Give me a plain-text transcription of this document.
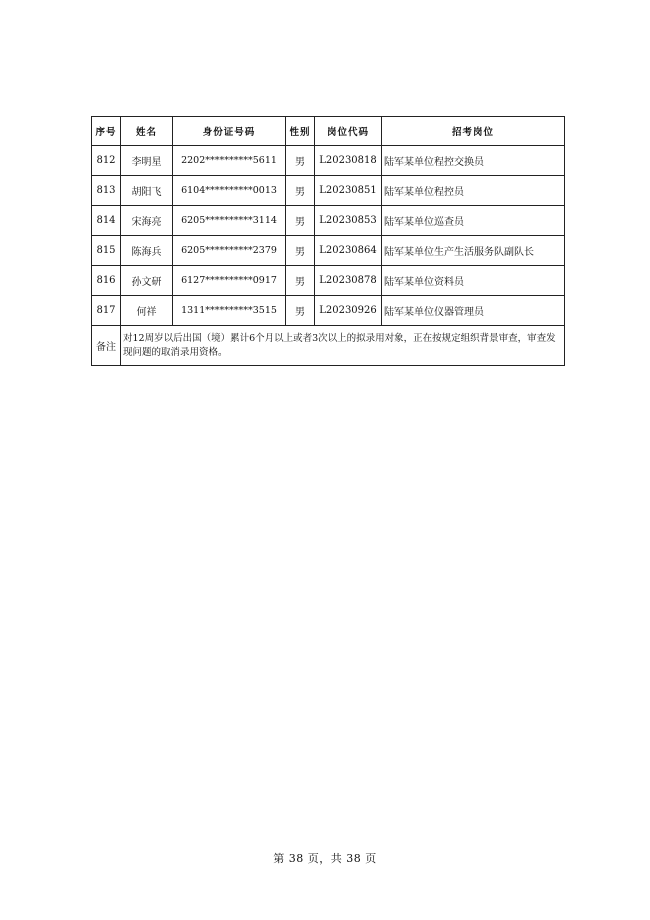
序号	姓名	身份证号码	性别	岗位代码	招考岗位
812	李明星	2202**********5611	男	L20230818	陆军某单位程控交换员
813	胡阳飞	6104**********0013	男	L20230851	陆军某单位程控员
814	宋海亮	6205**********3114	男	L20230853	陆军某单位巡查员
815	陈海兵	6205**********2379	男	L20230864	陆军某单位生产生活服务队副队长
816	孙文研	6127**********0917	男	L20230878	陆军某单位资料员
817	何祥	1311**********3515	男	L20230926	陆军某单位仪器管理员
备注	对12周岁以后出国（境）累计6个月以上或者3次以上的拟录用对象，正在按规定组织背景审查，审查发现问题的取消录用资格。				
第 38 页，共 38 页
